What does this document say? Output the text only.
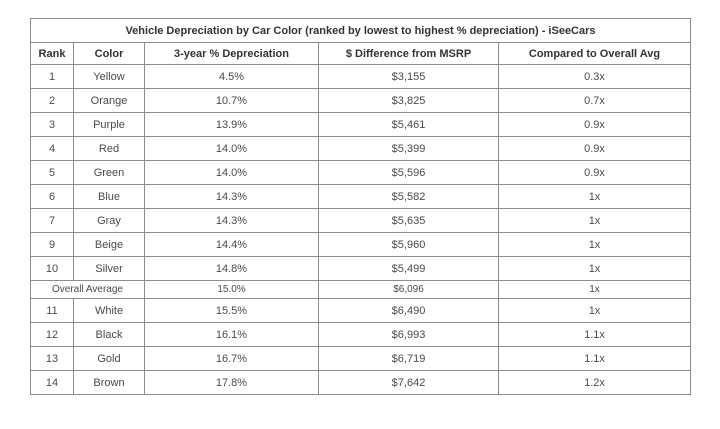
Vehicle Depreciation by Car Color (ranked by lowest to highest % depreciation) - iSeeCars				
Rank	Color	3-year % Depreciation	$ Difference from MSRP	Compared to Overall Avg
1	Yellow	4.5%	$3,155	0.3x
2	Orange	10.7%	$3,825	0.7x
3	Purple	13.9%	$5,461	0.9x
4	Red	14.0%	$5,399	0.9x
5	Green	14.0%	$5,596	0.9x
6	Blue	14.3%	$5,582	1x
7	Gray	14.3%	$5,635	1x
9	Beige	14.4%	$5,960	1x
10	Silver	14.8%	$5,499	1x
Overall Average		15.0%	$6,096	1x
11	White	15.5%	$6,490	1x
12	Black	16.1%	$6,993	1.1x
13	Gold	16.7%	$6,719	1.1x
14	Brown	17.8%	$7,642	1.2x
